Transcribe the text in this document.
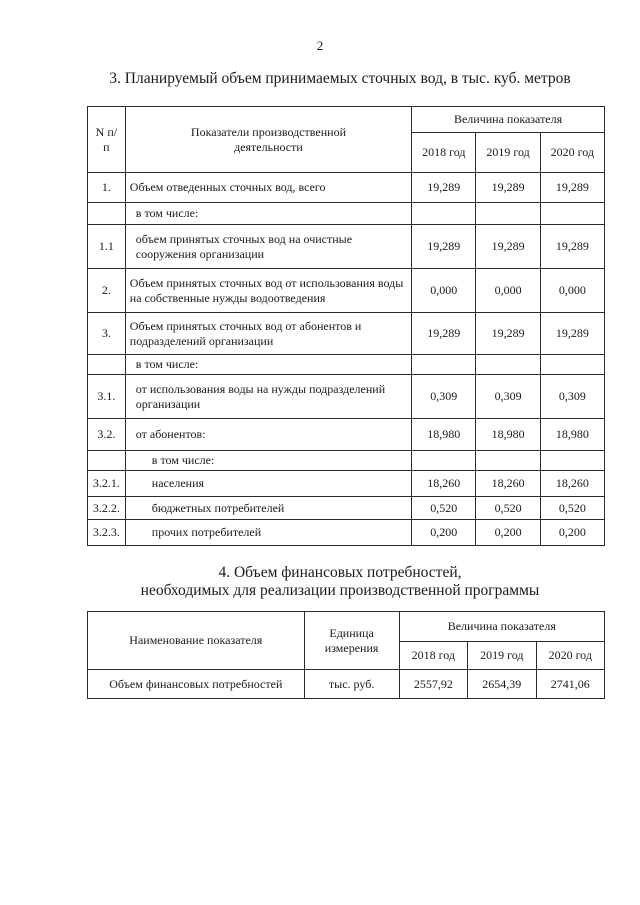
2
3. Планируемый объем принимаемых сточных вод, в тыс. куб. метров
N п/п	Показатели производственной деятельности	Величина показателя		
		2018 год	2019 год	2020 год
1.	Объем отведенных сточных вод, всего	19,289	19,289	19,289
	в том числе:			
1.1	объем принятых сточных вод на очистные сооружения организации	19,289	19,289	19,289
2.	Объем принятых сточных вод от использования воды на собственные нужды водоотведения	0,000	0,000	0,000
3.	Объем принятых сточных вод от абонентов и подразделений организации	19,289	19,289	19,289
	в том числе:			
3.1.	от использования воды на нужды подразделений организации	0,309	0,309	0,309
3.2.	от абонентов:	18,980	18,980	18,980
	в том числе:			
3.2.1.	населения	18,260	18,260	18,260
3.2.2.	бюджетных потребителей	0,520	0,520	0,520
3.2.3.	прочих потребителей	0,200	0,200	0,200
4. Объем финансовых потребностей,
необходимых для реализации производственной программы
Наименование показателя	Единица измерения	Величина показателя		
		2018 год	2019 год	2020 год
Объем финансовых потребностей	тыс. руб.	2557,92	2654,39	2741,06
